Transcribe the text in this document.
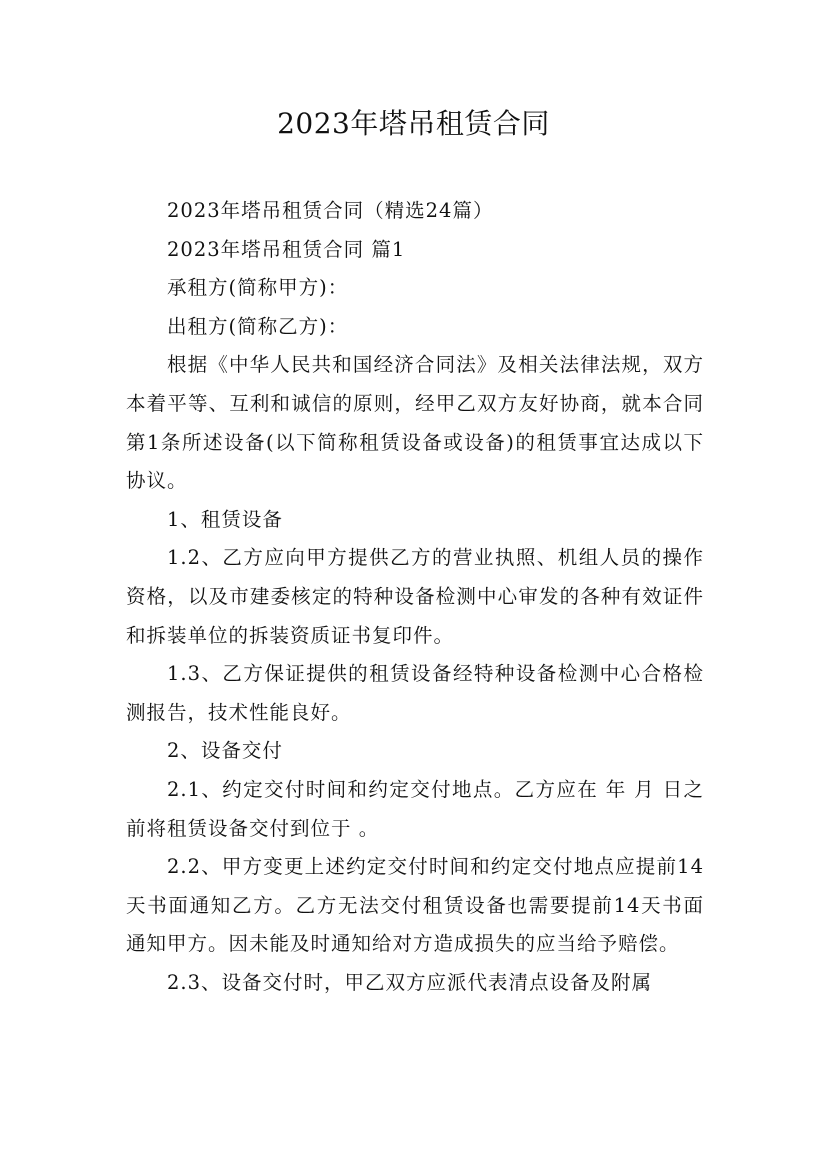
2023年塔吊租赁合同

2023年塔吊租赁合同（精选24篇）

2023年塔吊租赁合同 篇1

承租方(简称甲方)：

出租方(简称乙方)：

根据《中华人民共和国经济合同法》及相关法律法规，双方本着平等、互利和诚信的原则，经甲乙双方友好协商，就本合同第1条所述设备(以下简称租赁设备或设备)的租赁事宜达成以下协议。

1、租赁设备

1.2、乙方应向甲方提供乙方的营业执照、机组人员的操作资格，以及市建委核定的特种设备检测中心审发的各种有效证件和拆装单位的拆装资质证书复印件。

1.3、乙方保证提供的租赁设备经特种设备检测中心合格检测报告，技术性能良好。

2、设备交付

2.1、约定交付时间和约定交付地点。乙方应在 年 月 日之前将租赁设备交付到位于 。

2.2、甲方变更上述约定交付时间和约定交付地点应提前14天书面通知乙方。乙方无法交付租赁设备也需要提前14天书面通知甲方。因未能及时通知给对方造成损失的应当给予赔偿。

2.3、设备交付时，甲乙双方应派代表清点设备及附属
